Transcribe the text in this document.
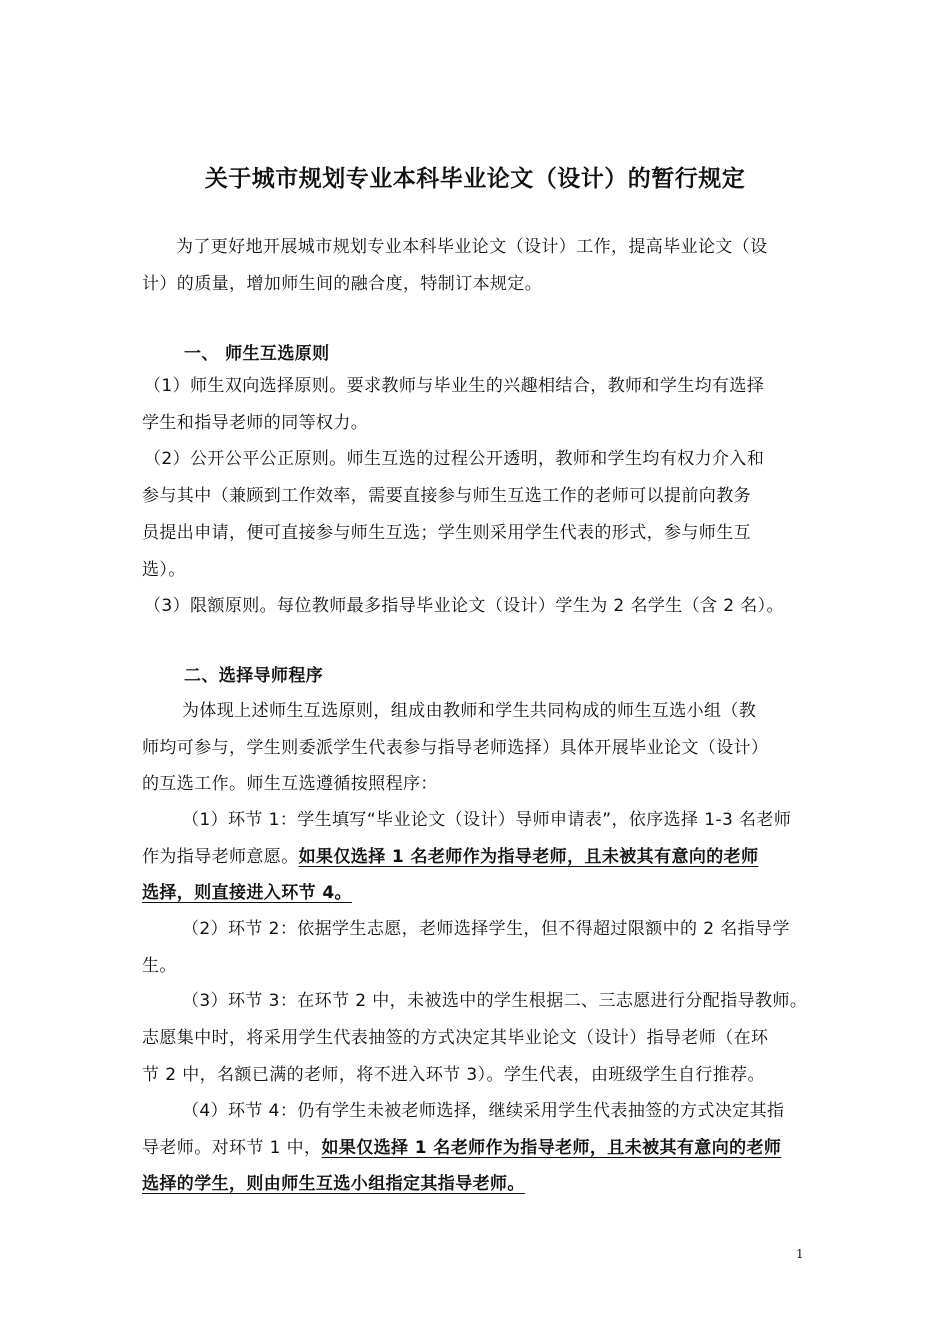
关于城市规划专业本科毕业论文（设计）的暂行规定
为了更好地开展城市规划专业本科毕业论文（设计）工作，提高毕业论文（设
计）的质量，增加师生间的融合度，特制订本规定。
一、 师生互选原则
（1）师生双向选择原则。要求教师与毕业生的兴趣相结合，教师和学生均有选择
学生和指导老师的同等权力。
（2）公开公平公正原则。师生互选的过程公开透明，教师和学生均有权力介入和
参与其中（兼顾到工作效率，需要直接参与师生互选工作的老师可以提前向教务
员提出申请，便可直接参与师生互选；学生则采用学生代表的形式，参与师生互
选）。
（3）限额原则。每位教师最多指导毕业论文（设计）学生为 2 名学生（含 2 名）。
二、选择导师程序
为体现上述师生互选原则，组成由教师和学生共同构成的师生互选小组（教
师均可参与，学生则委派学生代表参与指导老师选择）具体开展毕业论文（设计）
的互选工作。师生互选遵循按照程序：
（1）环节 1：学生填写“毕业论文（设计）导师申请表”，依序选择 1-3 名老师
作为指导老师意愿。如果仅选择 1 名老师作为指导老师，且未被其有意向的老师
选择，则直接进入环节 4。
（2）环节 2：依据学生志愿，老师选择学生，但不得超过限额中的 2 名指导学
生。
（3）环节 3：在环节 2 中，未被选中的学生根据二、三志愿进行分配指导教师。
志愿集中时，将采用学生代表抽签的方式决定其毕业论文（设计）指导老师（在环
节 2 中，名额已满的老师，将不进入环节 3）。学生代表，由班级学生自行推荐。
（4）环节 4：仍有学生未被老师选择，继续采用学生代表抽签的方式决定其指
导老师。对环节 1 中，如果仅选择 1 名老师作为指导老师，且未被其有意向的老师
选择的学生，则由师生互选小组指定其指导老师。
1
